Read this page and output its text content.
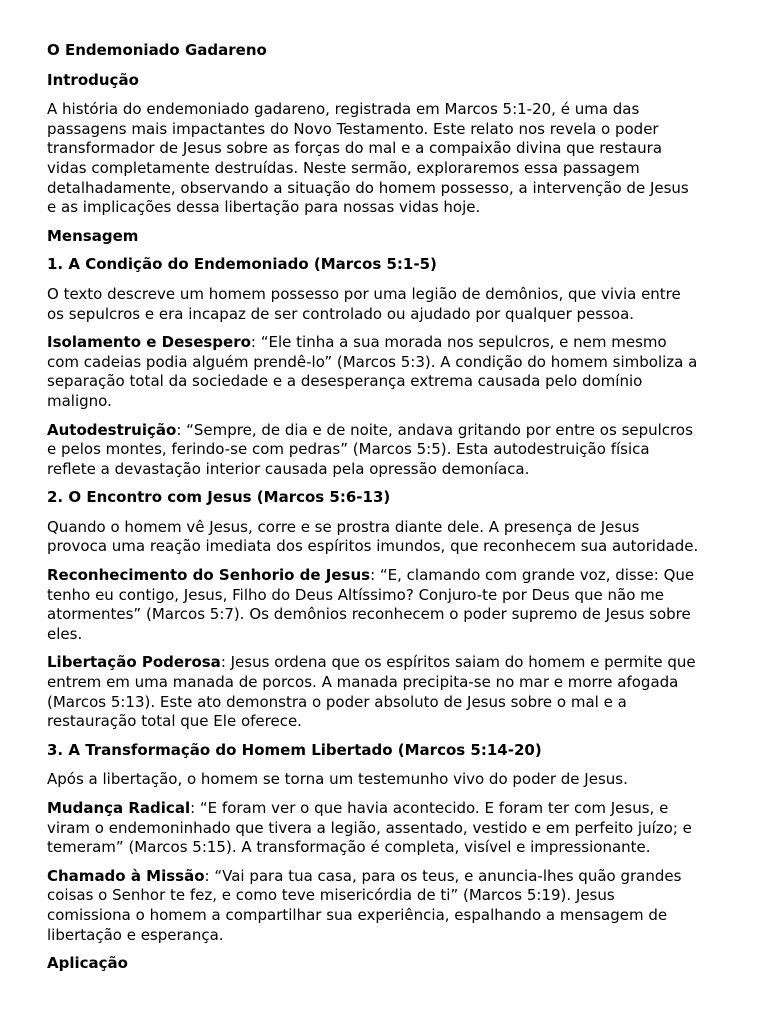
O Endemoniado Gadareno

Introdução

A história do endemoniado gadareno, registrada em Marcos 5:1-20, é uma das

passagens mais impactantes do Novo Testamento. Este relato nos revela o poder

transformador de Jesus sobre as forças do mal e a compaixão divina que restaura

vidas completamente destruídas. Neste sermão, exploraremos essa passagem

detalhadamente, observando a situação do homem possesso, a intervenção de Jesus

e as implicações dessa libertação para nossas vidas hoje.

Mensagem

1. A Condição do Endemoniado (Marcos 5:1-5)

O texto descreve um homem possesso por uma legião de demônios, que vivia entre

os sepulcros e era incapaz de ser controlado ou ajudado por qualquer pessoa.

Isolamento e Desespero: “Ele tinha a sua morada nos sepulcros, e nem mesmo

com cadeias podia alguém prendê-lo” (Marcos 5:3). A condição do homem simboliza a

separação total da sociedade e a desesperança extrema causada pelo domínio

maligno.

Autodestruição: “Sempre, de dia e de noite, andava gritando por entre os sepulcros

e pelos montes, ferindo-se com pedras” (Marcos 5:5). Esta autodestruição física

reflete a devastação interior causada pela opressão demoníaca.

2. O Encontro com Jesus (Marcos 5:6-13)

Quando o homem vê Jesus, corre e se prostra diante dele. A presença de Jesus

provoca uma reação imediata dos espíritos imundos, que reconhecem sua autoridade.

Reconhecimento do Senhorio de Jesus: “E, clamando com grande voz, disse: Que

tenho eu contigo, Jesus, Filho do Deus Altíssimo? Conjuro-te por Deus que não me

atormentes” (Marcos 5:7). Os demônios reconhecem o poder supremo de Jesus sobre

eles.

Libertação Poderosa: Jesus ordena que os espíritos saiam do homem e permite que

entrem em uma manada de porcos. A manada precipita-se no mar e morre afogada

(Marcos 5:13). Este ato demonstra o poder absoluto de Jesus sobre o mal e a

restauração total que Ele oferece.

3. A Transformação do Homem Libertado (Marcos 5:14-20)

Após a libertação, o homem se torna um testemunho vivo do poder de Jesus.

Mudança Radical: “E foram ver o que havia acontecido. E foram ter com Jesus, e

viram o endemoninhado que tivera a legião, assentado, vestido e em perfeito juízo; e

temeram” (Marcos 5:15). A transformação é completa, visível e impressionante.

Chamado à Missão: “Vai para tua casa, para os teus, e anuncia-lhes quão grandes

coisas o Senhor te fez, e como teve misericórdia de ti” (Marcos 5:19). Jesus

comissiona o homem a compartilhar sua experiência, espalhando a mensagem de

libertação e esperança.

Aplicação
